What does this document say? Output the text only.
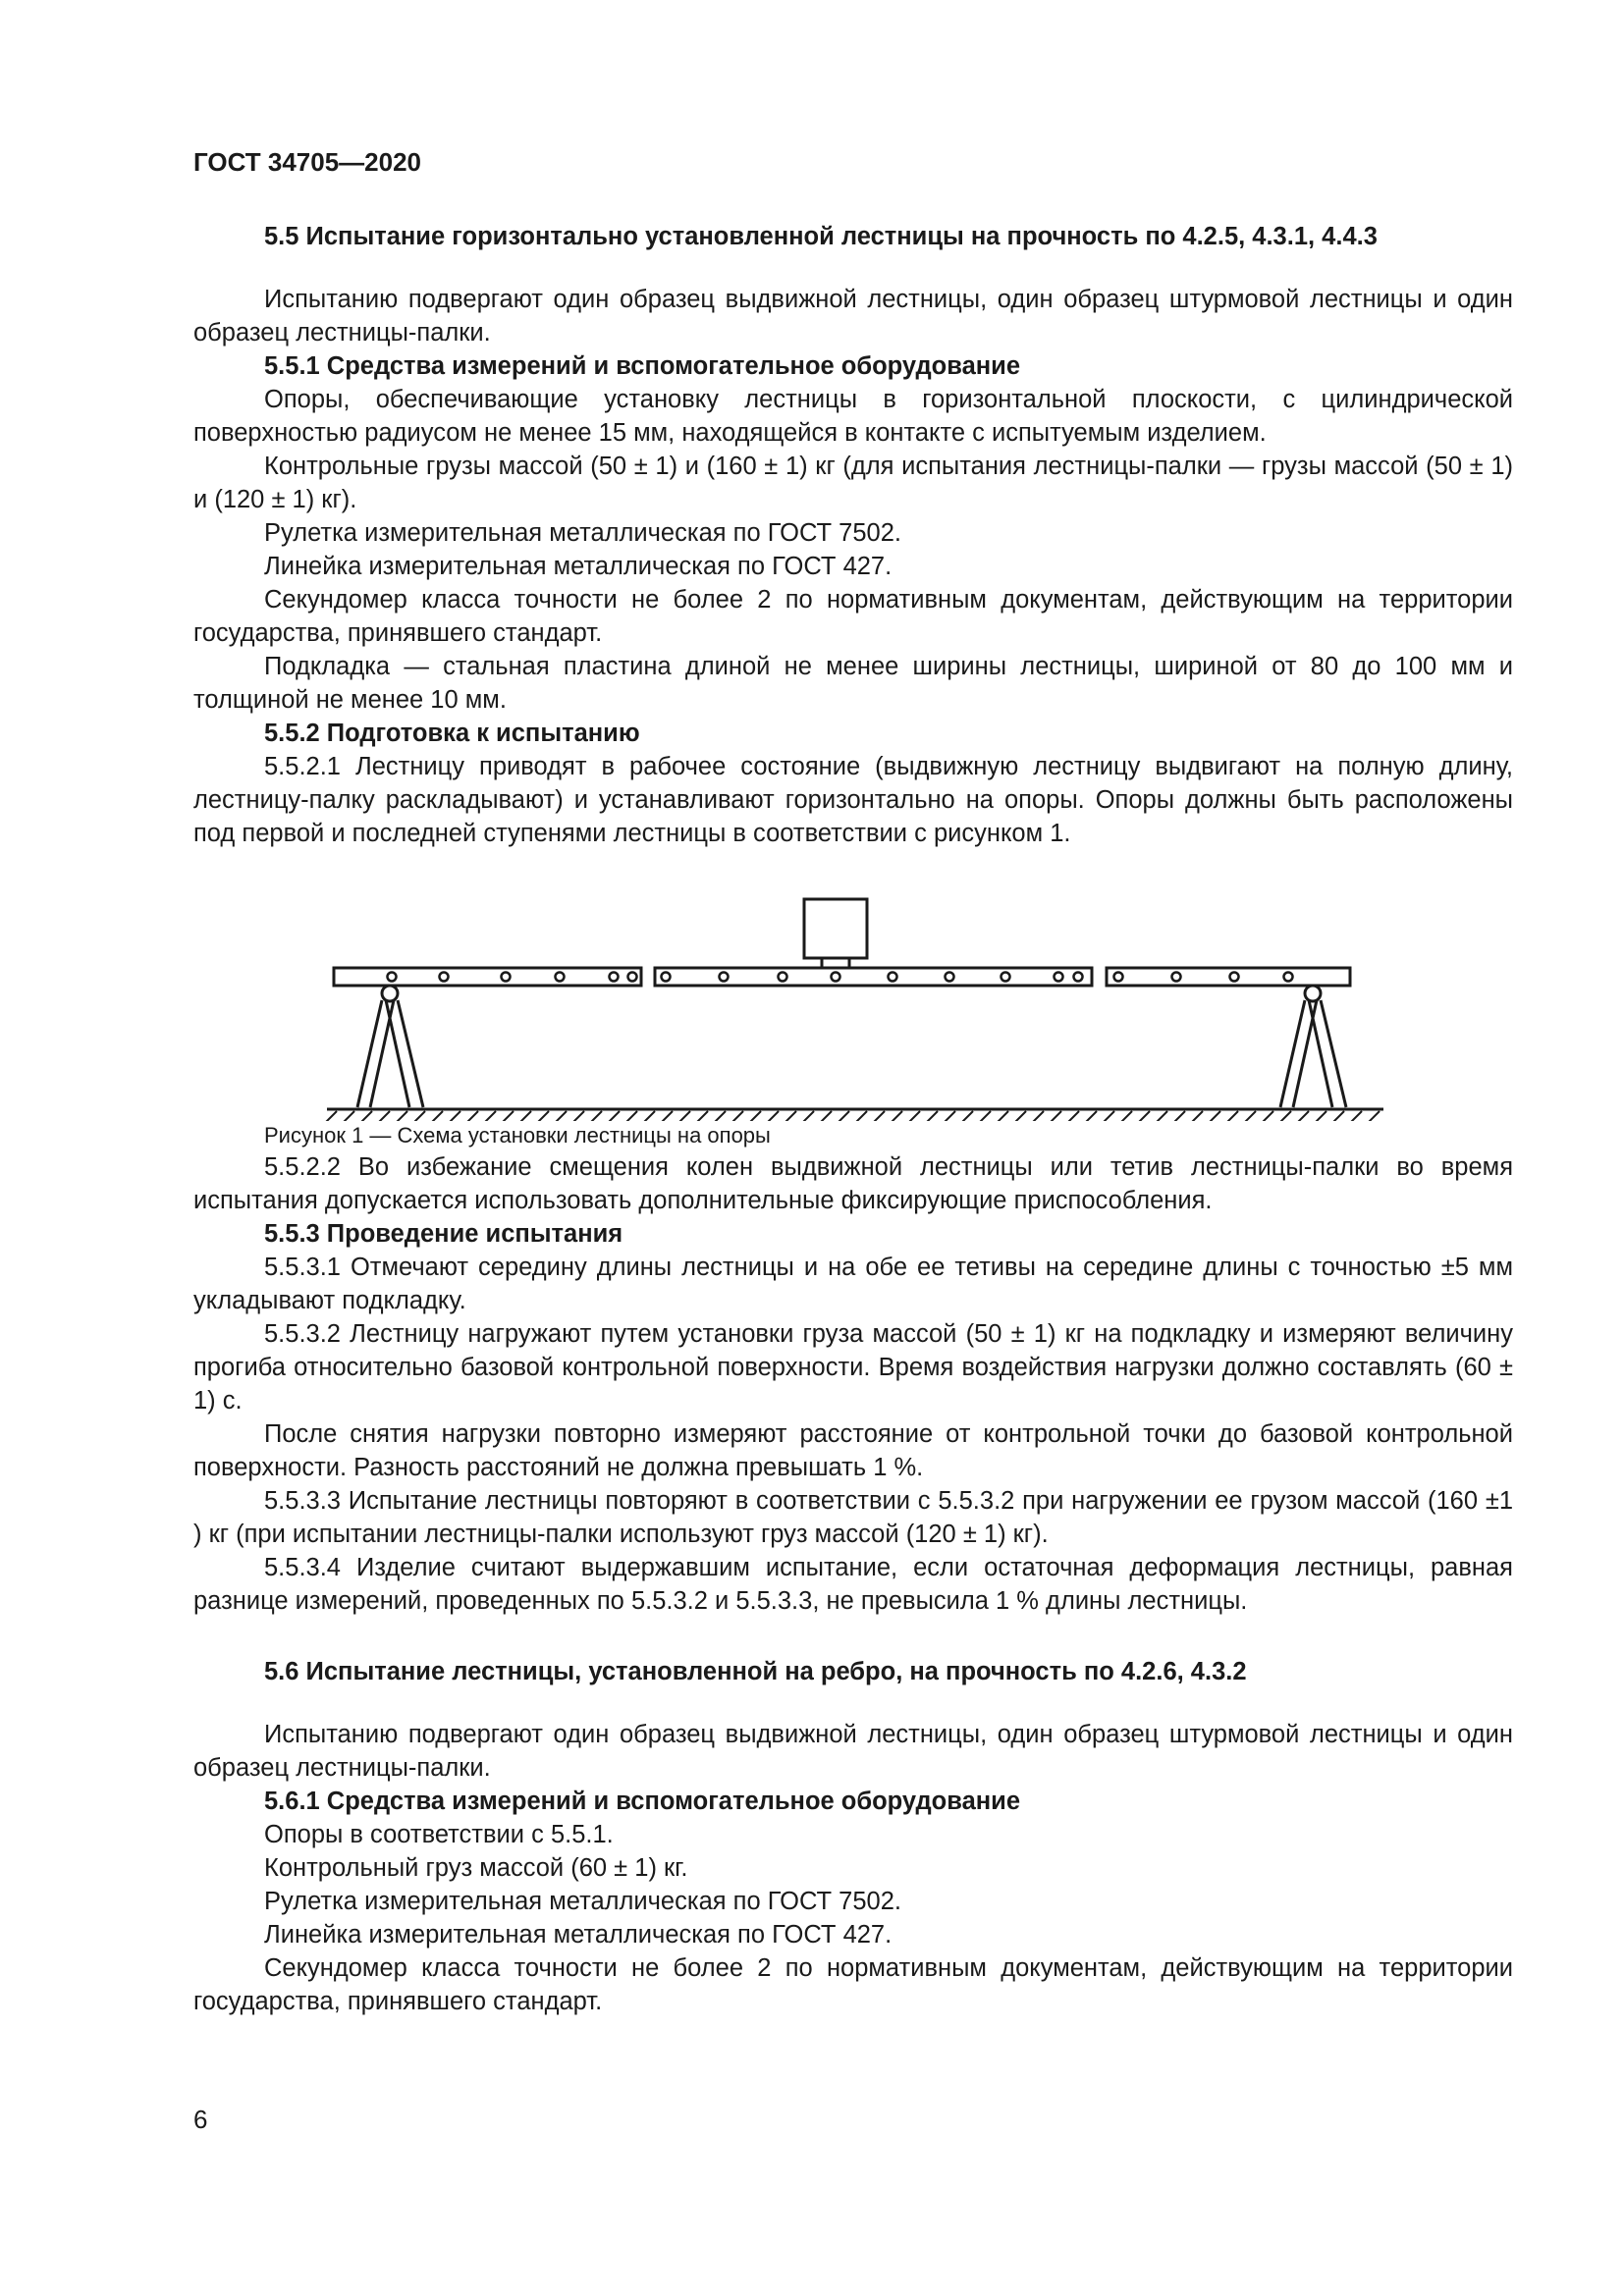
ГОСТ 34705—2020

5.5 Испытание горизонтально установленной лестницы на прочность по 4.2.5, 4.3.1, 4.4.3

Испытанию подвергают один образец выдвижной лестницы, один образец штурмовой лестницы и один образец лестницы-палки.

5.5.1 Средства измерений и вспомогательное оборудование

Опоры, обеспечивающие установку лестницы в горизонтальной плоскости, с цилиндрической поверхностью радиусом не менее 15 мм, находящейся в контакте с испытуемым изделием.

Контрольные грузы массой (50 ± 1) и (160 ± 1) кг (для испытания лестницы-палки — грузы массой (50 ± 1) и (120 ± 1) кг).

Рулетка измерительная металлическая по ГОСТ 7502.

Линейка измерительная металлическая по ГОСТ 427.

Секундомер класса точности не более 2 по нормативным документам, действующим на территории государства, принявшего стандарт.

Подкладка — стальная пластина длиной не менее ширины лестницы, шириной от 80 до 100 мм и толщиной не менее 10 мм.

5.5.2 Подготовка к испытанию

5.5.2.1 Лестницу приводят в рабочее состояние (выдвижную лестницу выдвигают на полную длину, лестницу-палку раскладывают) и устанавливают горизонтально на опоры. Опоры должны быть расположены под первой и последней ступенями лестницы в соответствии с рисунком 1.

Рисунок 1 — Схема установки лестницы на опоры

5.5.2.2 Во избежание смещения колен выдвижной лестницы или тетив лестницы-палки во время испытания допускается использовать дополнительные фиксирующие приспособления.

5.5.3 Проведение испытания

5.5.3.1 Отмечают середину длины лестницы и на обе ее тетивы на середине длины с точностью ±5 мм укладывают подкладку.

5.5.3.2 Лестницу нагружают путем установки груза массой (50 ± 1) кг на подкладку и измеряют величину прогиба относительно базовой контрольной поверхности. Время воздействия нагрузки должно составлять (60 ± 1) с.

После снятия нагрузки повторно измеряют расстояние от контрольной точки до базовой контрольной поверхности. Разность расстояний не должна превышать 1 %.

5.5.3.3 Испытание лестницы повторяют в соответствии с 5.5.3.2 при нагружении ее грузом массой (160 ±1 ) кг (при испытании лестницы-палки используют груз массой (120 ± 1) кг).

5.5.3.4 Изделие считают выдержавшим испытание, если остаточная деформация лестницы, равная разнице измерений, проведенных по 5.5.3.2 и 5.5.3.3, не превысила 1 % длины лестницы.

5.6 Испытание лестницы, установленной на ребро, на прочность по 4.2.6, 4.3.2

Испытанию подвергают один образец выдвижной лестницы, один образец штурмовой лестницы и один образец лестницы-палки.

5.6.1 Средства измерений и вспомогательное оборудование

Опоры в соответствии с 5.5.1.

Контрольный груз массой (60 ± 1) кг.

Рулетка измерительная металлическая по ГОСТ 7502.

Линейка измерительная металлическая по ГОСТ 427.

Секундомер класса точности не более 2 по нормативным документам, действующим на территории государства, принявшего стандарт.

6
